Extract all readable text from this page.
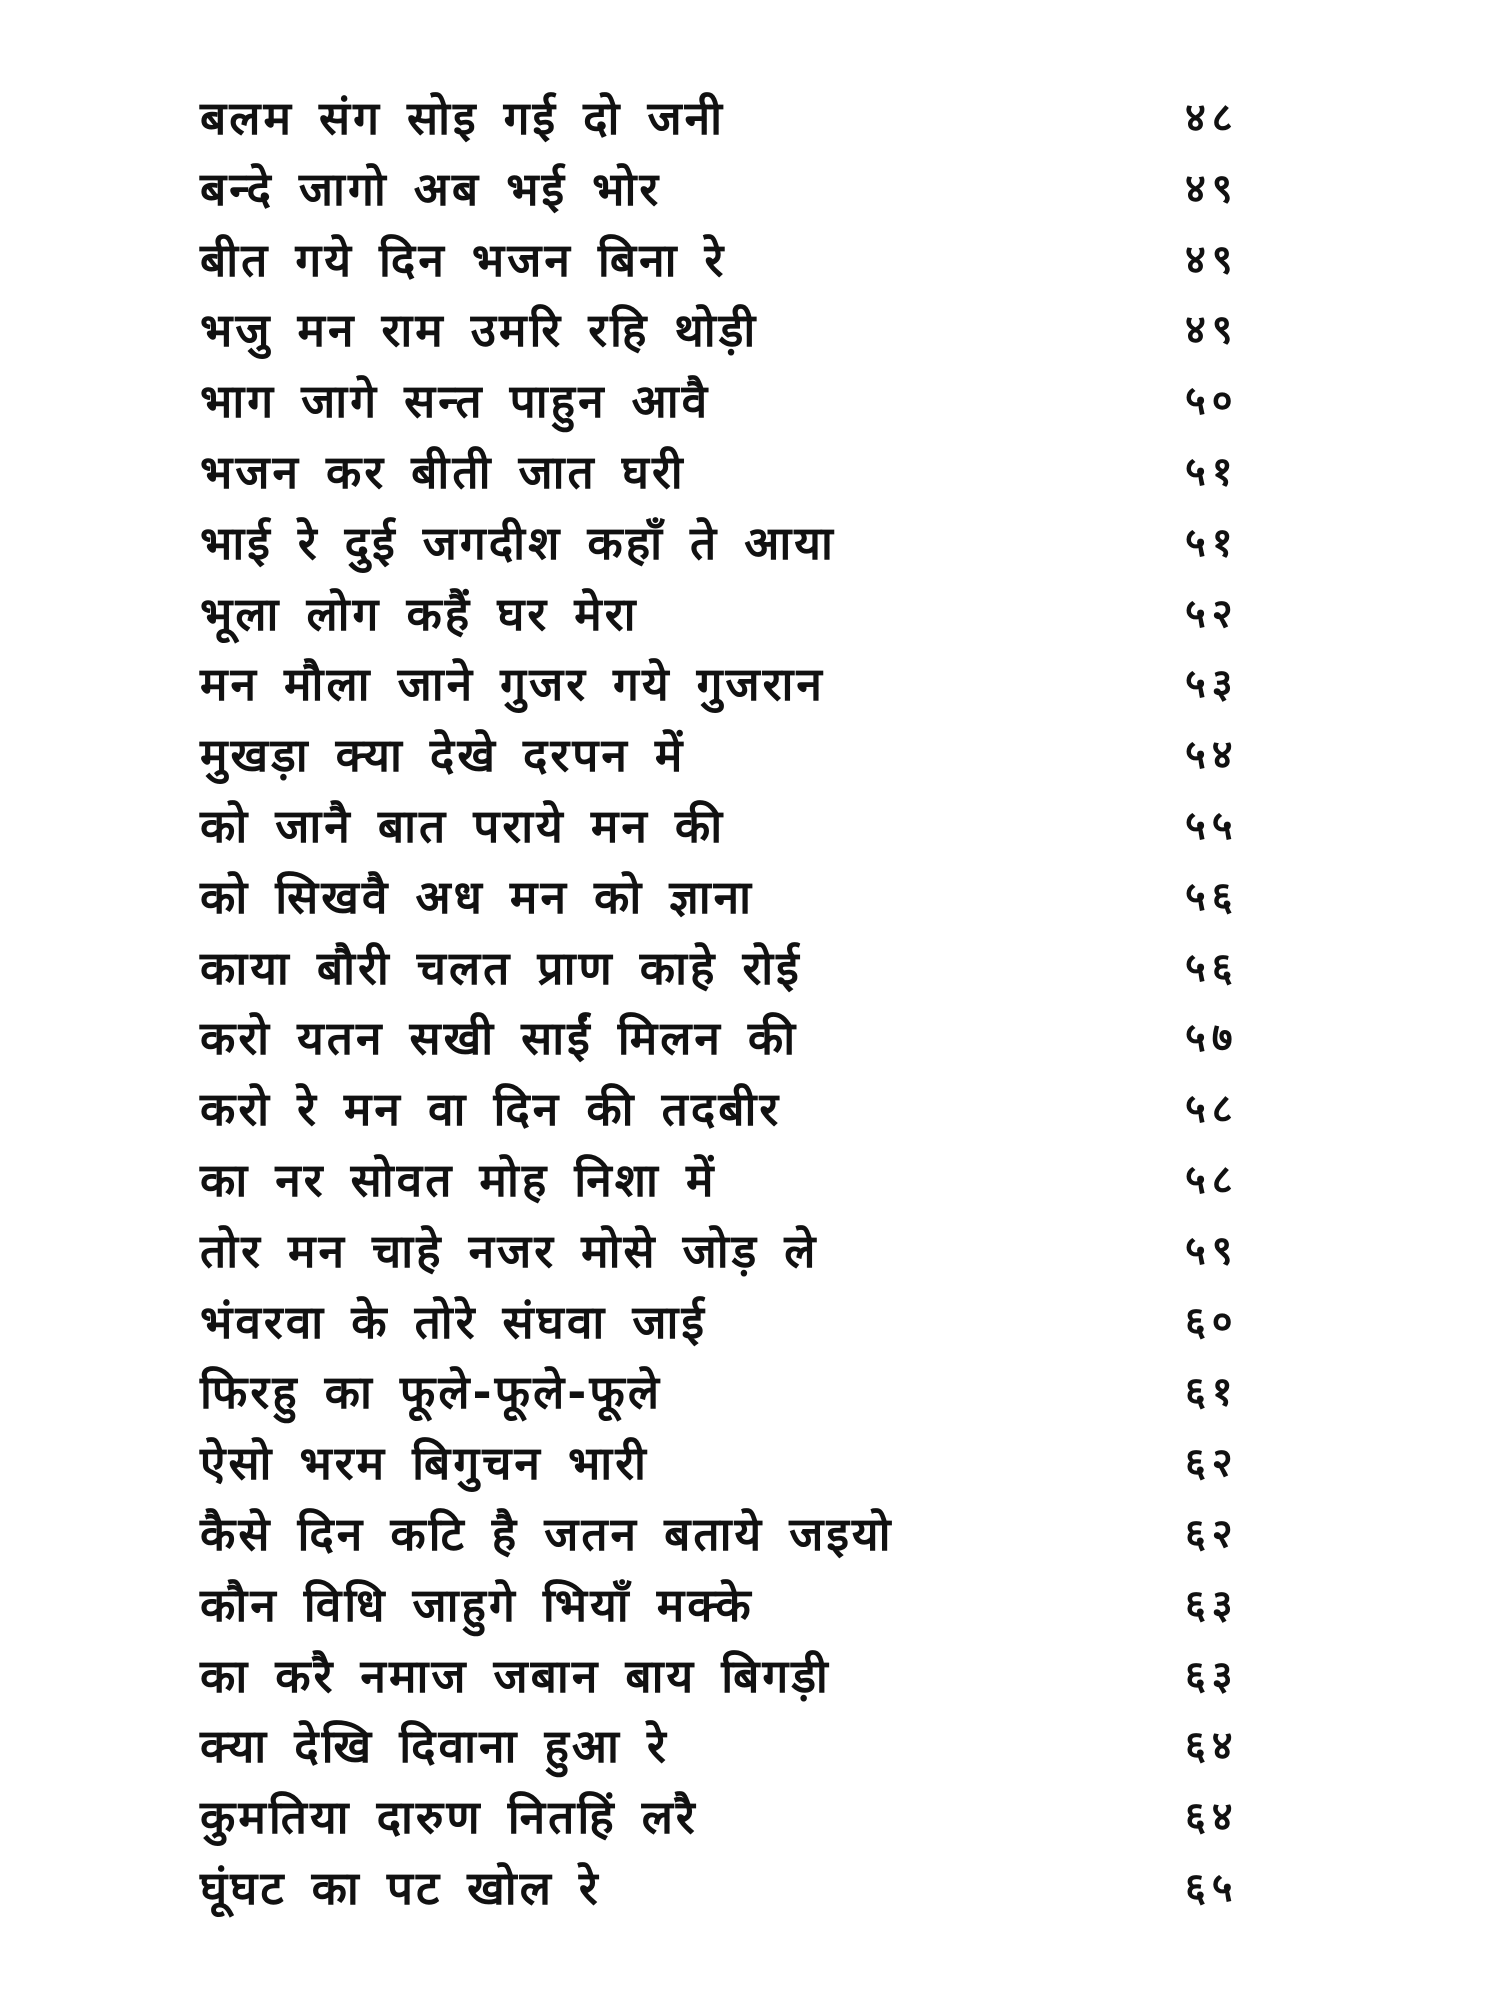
बलम संग सोइ गई दो जनी	४८
बन्दे जागो अब भई भोर	४९
बीत गये दिन भजन बिना रे	४९
भजु मन राम उमरि रहि थोड़ी	४९
भाग जागे सन्त पाहुन आवै	५०
भजन कर बीती जात घरी	५१
भाई रे दुई जगदीश कहाँ ते आया	५१
भूला लोग कहैं घर मेरा	५२
मन मौला जाने गुजर गये गुजरान	५३
मुखड़ा क्या देखे दरपन में	५४
को जानै बात पराये मन की	५५
को सिखवै अध मन को ज्ञाना	५६
काया बौरी चलत प्राण काहे रोई	५६
करो यतन सखी साईं मिलन की	५७
करो रे मन वा दिन की तदबीर	५८
का नर सोवत मोह निशा में	५८
तोर मन चाहे नजर मोसे जोड़ ले	५९
भंवरवा के तोरे संघवा जाई	६०
फिरहु का फूले-फूले-फूले	६१
ऐसो भरम बिगुचन भारी	६२
कैसे दिन कटि है जतन बताये जइयो	६२
कौन विधि जाहुगे भियाँ मक्के	६३
का करै नमाज जबान बाय बिगड़ी	६३
क्या देखि दिवाना हुआ रे	६४
कुमतिया दारुण नितहिं लरै	६४
घूंघट का पट खोल रे	६५
